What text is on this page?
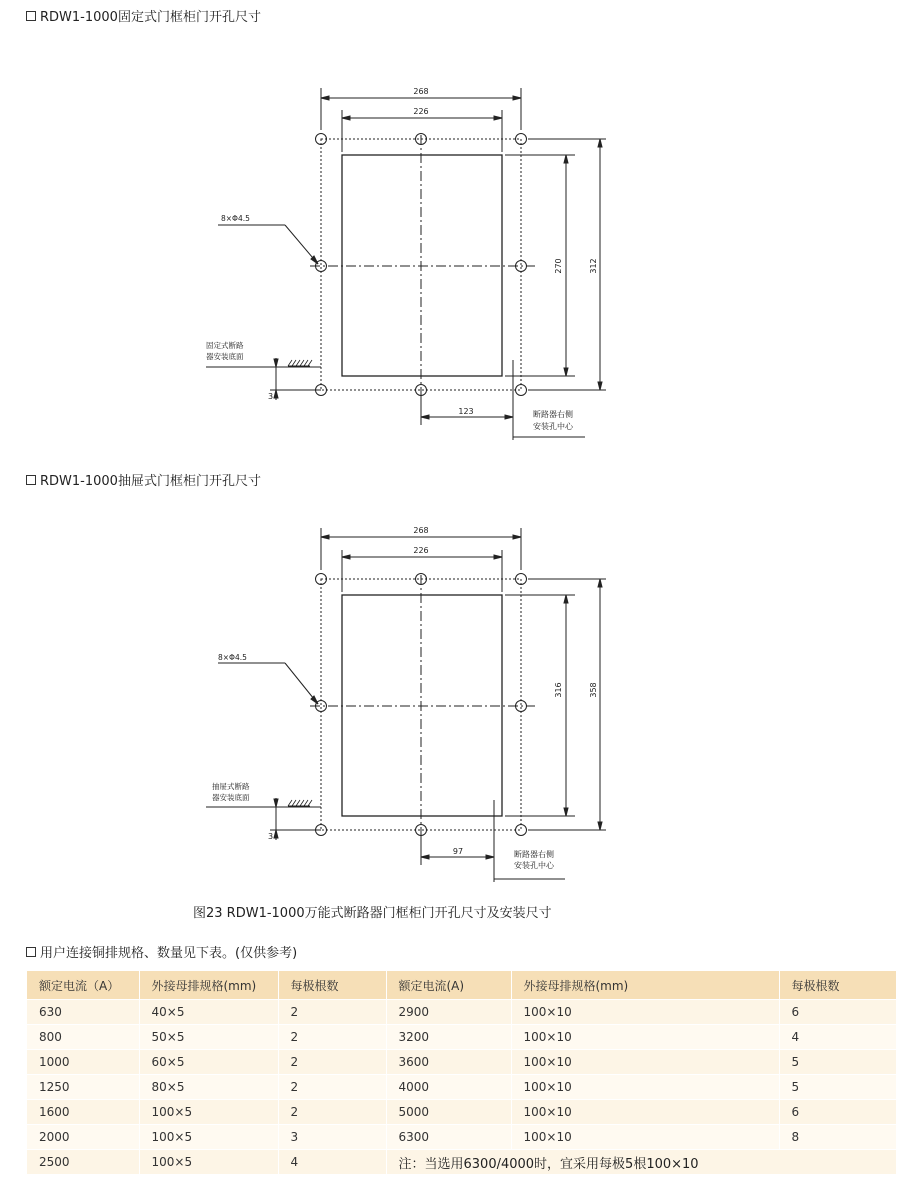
RDW1-1000固定式门框柜门开孔尺寸
268
226
270	312
8×Φ4.5
固定式断路
器安装底面
3
123	断路器右侧
安装孔中心
RDW1-1000抽屉式门框柜门开孔尺寸
268
226
316	358
8×Φ4.5
抽屉式断路
器安装底面
3
97	断路器右侧
安装孔中心
图23 RDW1-1000万能式断路器门框柜门开孔尺寸及安装尺寸
用户连接铜排规格、数量见下表。(仅供参考)
额定电流（A）	外接母排规格(mm)	每极根数	额定电流(A)	外接母排规格(mm)	每极根数
630	40×5	2	2900	100×10	6
800	50×5	2	3200	100×10	4
1000	60×5	2	3600	100×10	5
1250	80×5	2	4000	100×10	5
1600	100×5	2	5000	100×10	6
2000	100×5	3	6300	100×10	8
2500	100×5	4	注：当选用6300/4000时，宜采用每极5根100×10		
